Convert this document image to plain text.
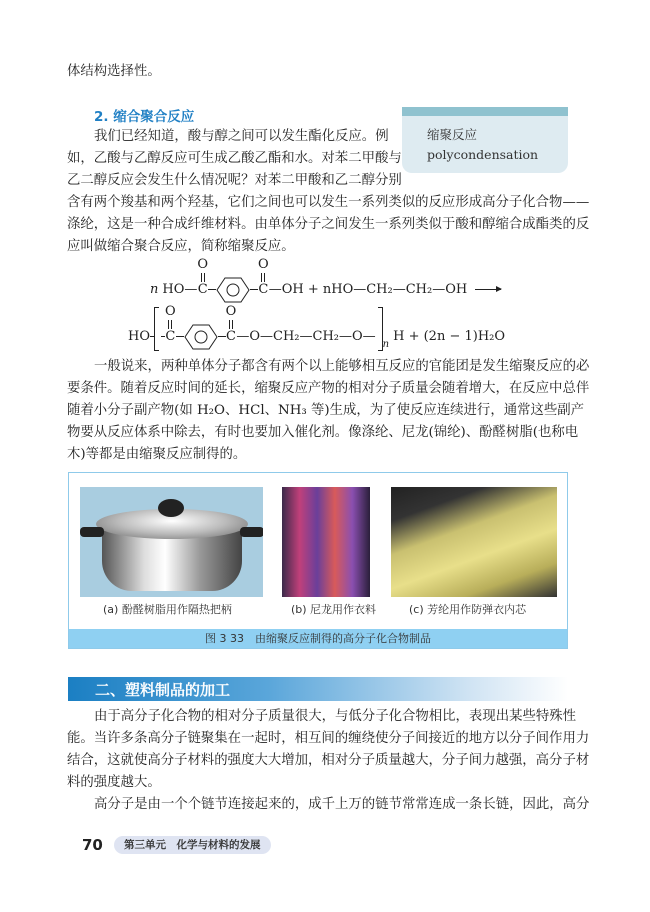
体结构选择性。
2. 缩合聚合反应
我们已经知道，酸与醇之间可以发生酯化反应。例
如，乙酸与乙醇反应可生成乙酸乙酯和水。对苯二甲酸与
乙二醇反应会发生什么情况呢？对苯二甲酸和乙二醇分别
含有两个羧基和两个羟基，它们之间也可以发生一系列类似的反应形成高分子化合物——
涤纶，这是一种合成纤维材料。由单体分子之间发生一系列类似于酸和醇缩合成酯类的反
应叫做缩合聚合反应，简称缩聚反应。
缩聚反应
polycondensation
n HO—
O
C
O
C —OH + nHO—CH₂—CH₂—OH →
HO
O
C
O
C —O—CH₂—CH₂—O—
n
H + (2n − 1)H₂O
一般说来，两种单体分子都含有两个以上能够相互反应的官能团是发生缩聚反应的必
要条件。随着反应时间的延长，缩聚反应产物的相对分子质量会随着增大，在反应中总伴
随着小分子副产物(如 H₂O、HCl、NH₃ 等)生成，为了使反应连续进行，通常这些副产
物要从反应体系中除去，有时也要加入催化剂。像涤纶、尼龙(锦纶)、酚醛树脂(也称电
木)等都是由缩聚反应制得的。
(a) 酚醛树脂用作隔热把柄	(b) 尼龙用作衣料	(c) 芳纶用作防弹衣内芯
图 3 33　由缩聚反应制得的高分子化合物制品
二、塑料制品的加工
由于高分子化合物的相对分子质量很大，与低分子化合物相比，表现出某些特殊性
能。当许多条高分子链聚集在一起时，相互间的缠绕使分子间接近的地方以分子间作用力
结合，这就使高分子材料的强度大大增加，相对分子质量越大，分子间力越强，高分子材
料的强度越大。
高分子是由一个个链节连接起来的，成千上万的链节常常连成一条长链，因此，高分
70	第三单元　化学与材料的发展
